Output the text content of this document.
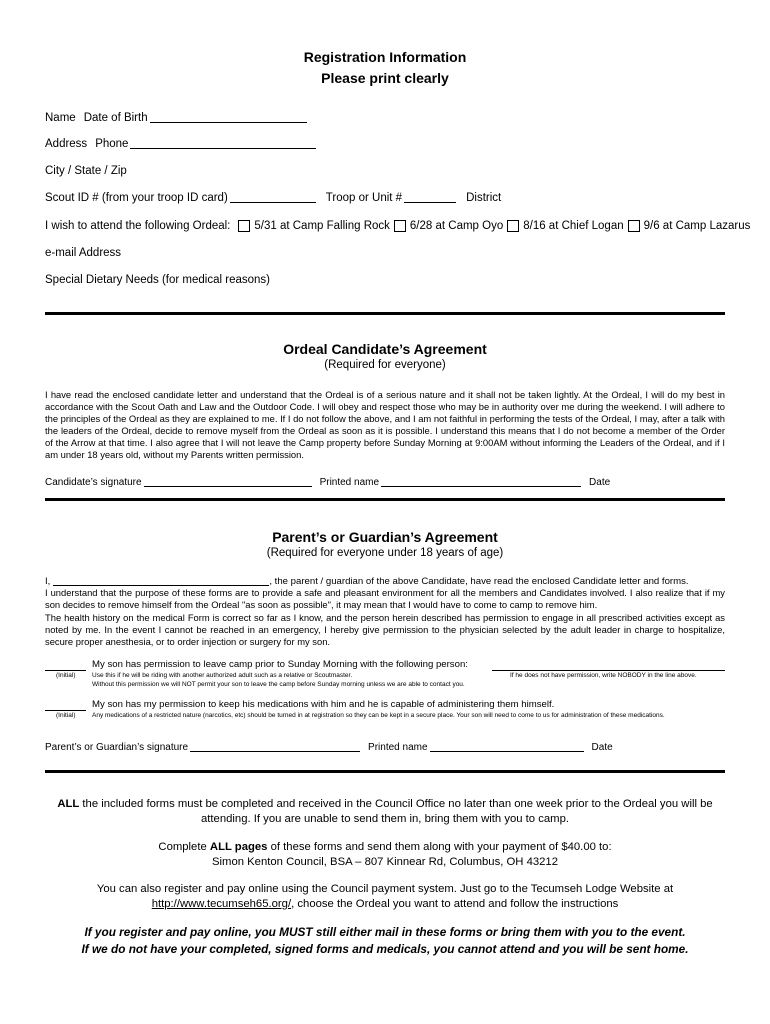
Registration Information
Please print clearly
Name Date of Birth
Address Phone
City / State / Zip
Scout ID # (from your troop ID card)	Troop or Unit #	District
I wish to attend the following Ordeal: 5/31 at Camp Falling Rock 6/28 at Camp Oyo 8/16 at Chief Logan 9/6 at Camp Lazarus
e-mail Address
Special Dietary Needs (for medical reasons)
Ordeal Candidate’s Agreement
(Required for everyone)
I have read the enclosed candidate letter and understand that the Ordeal is of a serious nature and it shall not be taken lightly. At the Ordeal, I will do my best in accordance with the Scout Oath and Law and the Outdoor Code. I will obey and respect those who may be in authority over me during the weekend. I will adhere to the principles of the Ordeal as they are explained to me. If I do not follow the above, and I am not faithful in performing the tests of the Ordeal, I may, after a talk with the leaders of the Ordeal, decide to remove myself from the Ordeal as soon as it is possible. I understand this means that I do not become a member of the Order of the Arrow at that time. I also agree that I will not leave the Camp property before Sunday Morning at 9:00AM without informing the Leaders of the Ordeal, and if I am under 18 years old, without my Parents written permission.
Candidate’s signature	Printed name	Date
Parent’s or Guardian’s Agreement
(Required for everyone under 18 years of age)
I,	, the parent / guardian of the above Candidate, have read the enclosed Candidate letter and forms.
I understand that the purpose of these forms are to provide a safe and pleasant environment for all the members and Candidates involved. I also realize that if my son decides to remove himself from the Ordeal "as soon as possible", it may mean that I would have to come to camp to remove him.
The health history on the medical Form is correct so far as I know, and the person herein described has permission to engage in all prescribed activities except as noted by me. In the event I cannot be reached in an emergency, I hereby give permission to the physician selected by the adult leader in charge to hospitalize, secure proper anesthesia, or to order injection or surgery for my son.
(Initial)
My son has permission to leave camp prior to Sunday Morning with the following person:
Use this if he will be riding with another authorized adult such as a relative or Scoutmaster.	If he does not have permission, write NOBODY in the line above.
Without this permission we will NOT permit your son to leave the camp before Sunday morning unless we are able to contact you.
(Initial)
My son has my permission to keep his medications with him and he is capable of administering them himself.
Any medications of a restricted nature (narcotics, etc) should be turned in at registration so they can be kept in a secure place. Your son will need to come to us for administration of these medications.
Parent’s or Guardian’s signature	Printed name	Date
ALL the included forms must be completed and received in the Council Office no later than one week prior to the Ordeal you will be
attending. If you are unable to send them in, bring them with you to camp.
Complete ALL pages of these forms and send them along with your payment of $40.00 to:
Simon Kenton Council, BSA – 807 Kinnear Rd, Columbus, OH 43212
You can also register and pay online using the Council payment system. Just go to the Tecumseh Lodge Website at
http://www.tecumseh65.org/, choose the Ordeal you want to attend and follow the instructions
If you register and pay online, you MUST still either mail in these forms or bring them with you to the event.
If we do not have your completed, signed forms and medicals, you cannot attend and you will be sent home.
